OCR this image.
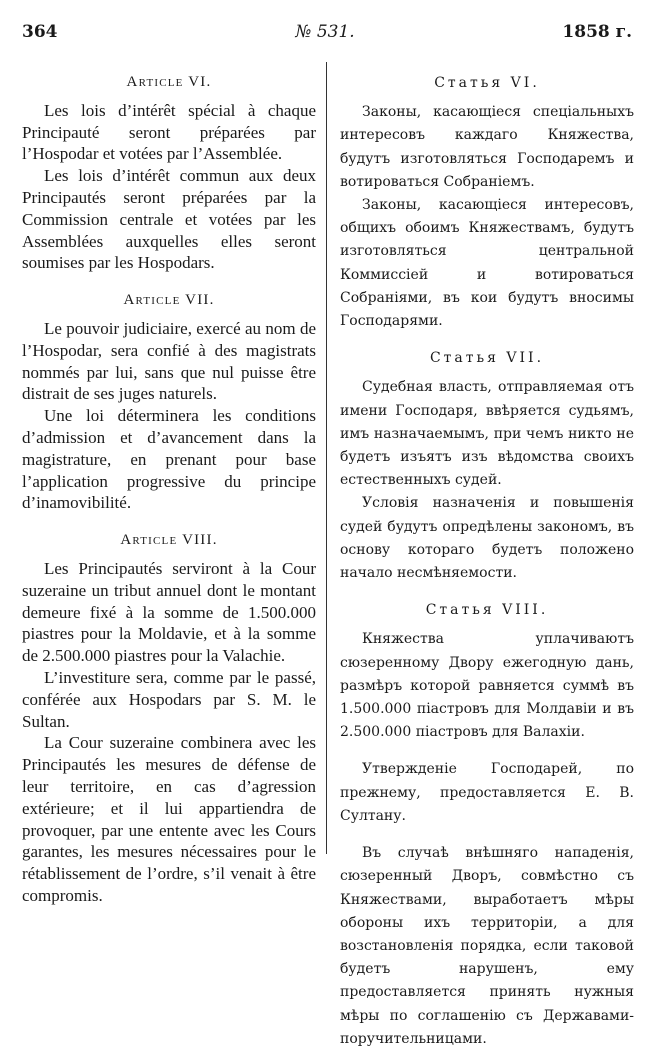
364	№ 531.	1858 г.
Article VI.

Les lois d’intérêt spécial à chaque Principauté seront préparées par l’Hospodar et votées par l’Assemblée.

Les lois d’intérêt commun aux deux Principautés seront préparées par la Commission centrale et votées par les Assemblées auxquelles elles seront soumises par les Hospodars.

Article VII.

Le pouvoir judiciaire, exercé au nom de l’Hospodar, sera confié à des magistrats nommés par lui, sans que nul puisse être distrait de ses juges naturels.

Une loi déterminera les conditions d’admission et d’avancement dans la magistrature, en prenant pour base l’application progressive du principe d’inamovibilité.

Article VIII.

Les Principautés serviront à la Cour suzeraine un tribut annuel dont le montant demeure fixé à la somme de 1.500.000 piastres pour la Moldavie, et à la somme de 2.500.000 piastres pour la Valachie.

L’investiture sera, comme par le passé, conférée aux Hospodars par S. M. le Sultan.

La Cour suzeraine combinera avec les Principautés les mesures de défense de leur territoire, en cas d’agression extérieure; et il lui appartiendra de provoquer, par une entente avec les Cours garantes, les mesures nécessaires pour le rétablissement de l’ordre, s’il venait à être compromis.

Статья VI.

Законы, касающіеся спеціальныхъ интересовъ каждаго Княжества, будутъ изготовляться Господаремъ и вотироваться Собраніемъ.

Законы, касающіеся интересовъ, общихъ обоимъ Княжествамъ, будутъ изготовляться центральной Коммиссіей и вотироваться Собраніями, въ кои будутъ вносимы Господарями.

Статья VII.

Судебная власть, отправляемая отъ имени Господаря, ввѣряется судьямъ, имъ назначаемымъ, при чемъ никто не будетъ изъятъ изъ вѣдомства своихъ естественныхъ судей.

Условія назначенія и повышенія судей будутъ опредѣлены закономъ, въ основу котораго будетъ положено начало несмѣняемости.

Статья VIII.

Княжества уплачиваютъ сюзеренному Двору ежегодную дань, размѣръ которой равняется суммѣ въ 1.500.000 піастровъ для Молдавіи и въ 2.500.000 піастровъ для Валахіи.

Утвержденіе Господарей, по прежнему, предоставляется Е. В. Султану.

Въ случаѣ внѣшняго нападенія, сюзеренный Дворъ, совмѣстно съ Княжествами, выработаетъ мѣры обороны ихъ территоріи, а для возстановленія порядка, если таковой будетъ нарушенъ, ему предоставляется принять нужныя мѣры по соглашенію съ Державами-поручительницами.
